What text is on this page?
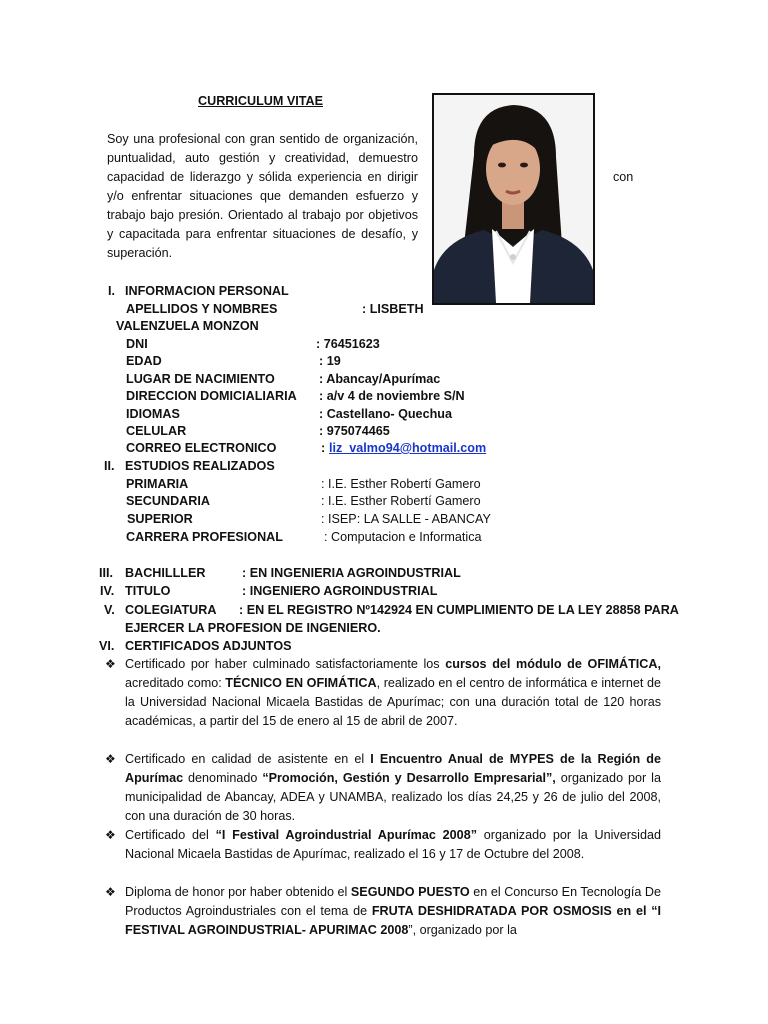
CURRICULUM VITAE
Soy una profesional con gran sentido de organización, puntualidad, auto gestión y creatividad, demuestro capacidad de liderazgo y sólida experiencia en dirigir y/o enfrentar situaciones que demanden esfuerzo y trabajo bajo presión. Orientado al trabajo por objetivos y capacitada para enfrentar situaciones de desafío, y superación.
con
I. INFORMACION PERSONAL
APELLIDOS Y NOMBRES	: LISBETH
VALENZUELA MONZON
DNI	: 76451623
EDAD	: 19
LUGAR DE NACIMIENTO	: Abancay/Apurímac
DIRECCION DOMICIALIARIA : a/v 4 de noviembre S/N
IDIOMAS	: Castellano- Quechua
CELULAR	: 975074465
CORREO ELECTRONICO	: liz_valmo94@hotmail.com
II. ESTUDIOS REALIZADOS
PRIMARIA	: I.E. Esther Robertí Gamero
SECUNDARIA	: I.E. Esther Robertí Gamero
SUPERIOR	: ISEP: LA SALLE - ABANCAY
CARRERA PROFESIONAL	: Computacion e Informatica
III. BACHILLLER	: EN INGENIERIA AGROINDUSTRIAL
IV. TITULO	: INGENIERO AGROINDUSTRIAL
V. COLEGIATURA : EN EL REGISTRO Nº142924 EN CUMPLIMIENTO DE LA LEY 28858 PARA
EJERCER LA PROFESION DE INGENIERO.
VI. CERTIFICADOS ADJUNTOS
❖ Certificado por haber culminado satisfactoriamente los cursos del módulo de OFIMÁTICA, acreditado como: TÉCNICO EN OFIMÁTICA, realizado en el centro de informática e internet de la Universidad Nacional Micaela Bastidas de Apurímac; con una duración total de 120 horas académicas, a partir del 15 de enero al 15 de abril de 2007.
❖ Certificado en calidad de asistente en el I Encuentro Anual de MYPES de la Región de Apurímac denominado “Promoción, Gestión y Desarrollo Empresarial”, organizado por la municipalidad de Abancay, ADEA y UNAMBA, realizado los días 24,25 y 26 de julio del 2008, con una duración de 30 horas.
❖ Certificado del “I Festival Agroindustrial Apurímac 2008” organizado por la Universidad Nacional Micaela Bastidas de Apurímac, realizado el 16 y 17 de Octubre del 2008.
❖ Diploma de honor por haber obtenido el SEGUNDO PUESTO en el Concurso En Tecnología De Productos Agroindustriales con el tema de FRUTA DESHIDRATADA POR OSMOSIS en el “I FESTIVAL AGROINDUSTRIAL- APURIMAC 2008”, organizado por la
